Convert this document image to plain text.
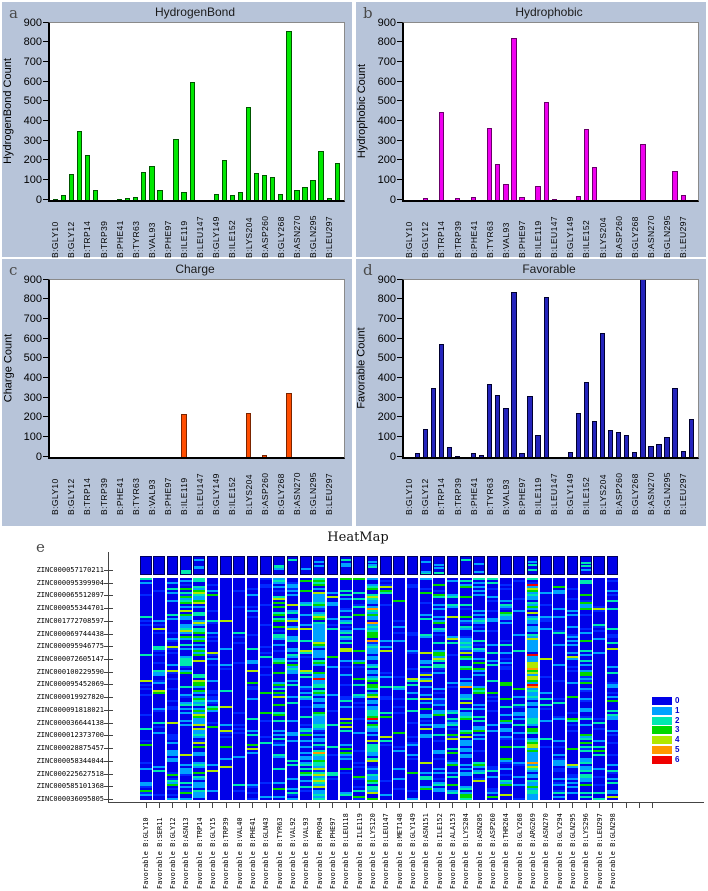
a	HydrogenBond
HydrogenBond Count
0
100
200
300
400
500
600
700
800
900
B:GLY10 B:GLY12 B:TRP14 B:TRP39 B:PHE41 B:TYR63 B:VAL93 B:PHE97 B:ILE119 B:LEU147 B:GLY149 B:ILE152 B:LYS204 B:ASP260 B:GLY268 B:ASN270 B:GLN295 B:LEU297
b	Hydrophobic
Hydrophobic Count
0
100
200
300
400
500
600
700
800
900
B:GLY10 B:GLY12 B:TRP14 B:TRP39 B:PHE41 B:TYR63 B:VAL93 B:PHE97 B:ILE119 B:LEU147 B:GLY149 B:ILE152 B:LYS204 B:ASP260 B:GLY268 B:ASN270 B:GLN295 B:LEU297
c	Charge
Charge Count
0
100
200
300
400
500
600
700
800
900
B:GLY10 B:GLY12 B:TRP14 B:TRP39 B:PHE41 B:TYR63 B:VAL93 B:PHE97 B:ILE119 B:LEU147 B:GLY149 B:ILE152 B:LYS204 B:ASP260 B:GLY268 B:ASN270 B:GLN295 B:LEU297
d	Favorable
Favorable Count
0
100
200
300
400
500
600
700
800
900
B:GLY10 B:GLY12 B:TRP14 B:TRP39 B:PHE41 B:TYR63 B:VAL93 B:PHE97 B:ILE119 B:LEU147 B:GLY149 B:ILE152 B:LYS204 B:ASP260 B:GLY268 B:ASN270 B:GLN295 B:LEU297
e
HeatMap
ZINC000057170211
ZINC000095399904
ZINC000065512097
ZINC000055344701
ZINC001772708597
ZINC000069744438
ZINC000095946775
ZINC000072605147
ZINC000100229590
ZINC000095452069
ZINC000019927820
ZINC000091818021
ZINC000036644138
ZINC000012373700
ZINC000028875457
ZINC000058344044
ZINC000225627518
ZINC000585101368
ZINC000036095805
Favorable B:GLY10 Favorable B:SER11 Favorable B:GLY12 Favorable B:ASN13 Favorable B:TRP14 Favorable B:GLY15 Favorable B:TRP39 Favorable B:VAL40 Favorable B:PHE41 Favorable B:GLN43 Favorable B:TYR63 Favorable B:VAL92 Favorable B:VAL93 Favorable B:PRO94 Favorable B:PHE97 Favorable B:LEU118 Favorable B:ILE119 Favorable B:LYS120 Favorable B:LEU147 Favorable B:MET148 Favorable B:GLY149 Favorable B:ASN151 Favorable B:ILE152 Favorable B:ALA153 Favorable B:LYS204 Favorable B:ASN205 Favorable B:ASP260 Favorable B:THR264 Favorable B:GLY268 Favorable B:ARG269 Favorable B:ASN270 Favorable B:GLY294 Favorable B:GLN295 Favorable B:LYS296 Favorable B:LEU297 Favorable B:GLN298
0
1
2
3
4
5
6
